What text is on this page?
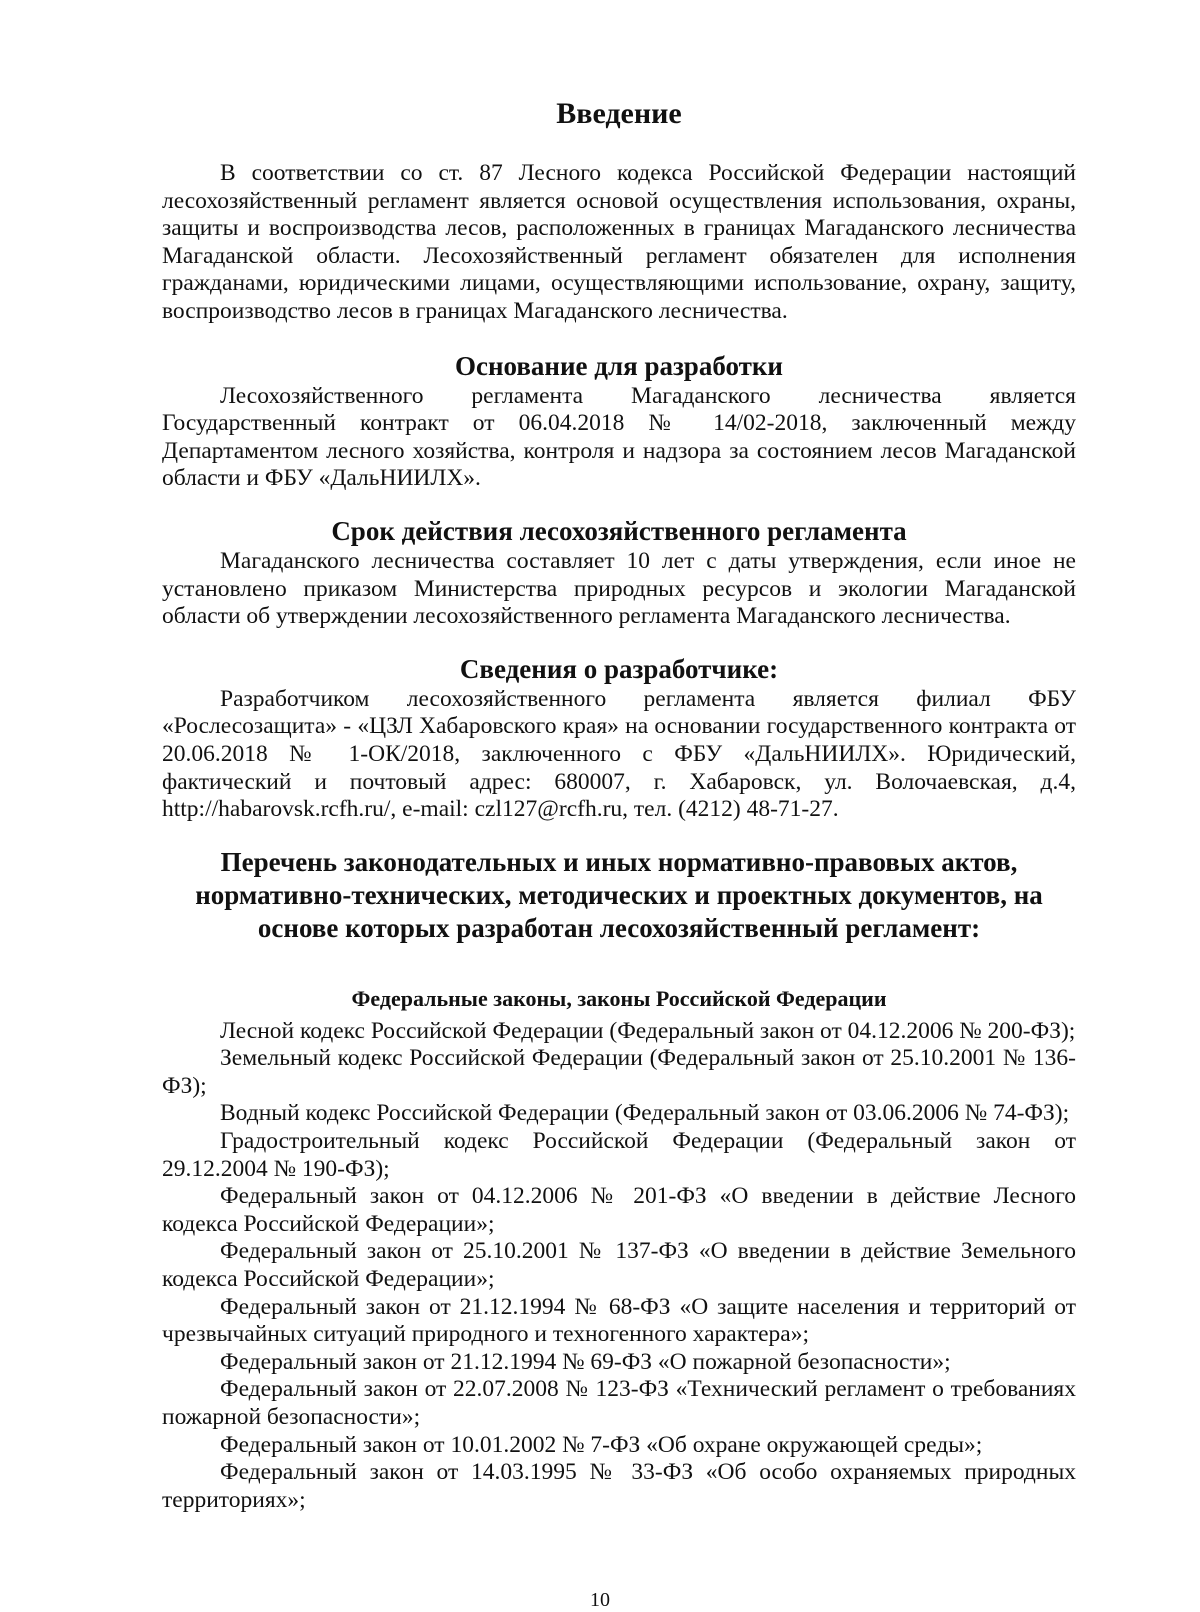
Введение

В соответствии со ст. 87 Лесного кодекса Российской Федерации настоящий лесохозяйственный регламент является основой осуществления использования, охраны, защиты и воспроизводства лесов, расположенных в границах Магаданского лесничества Магаданской области. Лесохозяйственный регламент обязателен для исполнения гражданами, юридическими лицами, осуществляющими использование, охрану, защиту, воспроизводство лесов в границах Магаданского лесничества.

Основание для разработки

Лесохозяйственного регламента Магаданского лесничества является Государственный контракт от 06.04.2018 № 14/02-2018, заключенный между Департаментом лесного хозяйства, контроля и надзора за состоянием лесов Магаданской области и ФБУ «ДальНИИЛХ».

Срок действия лесохозяйственного регламента

Магаданского лесничества составляет 10 лет с даты утверждения, если иное не установлено приказом Министерства природных ресурсов и экологии Магаданской области об утверждении лесохозяйственного регламента Магаданского лесничества.

Сведения о разработчике:

Разработчиком лесохозяйственного регламента является филиал ФБУ «Рослесозащита» - «ЦЗЛ Хабаровского края» на основании государственного контракта от 20.06.2018 № 1-ОК/2018, заключенного с ФБУ «ДальНИИЛХ». Юридический, фактический и почтовый адрес: 680007, г. Хабаровск, ул. Волочаевская, д.4, http://habarovsk.rcfh.ru/, e-mail: czl127@rcfh.ru, тел. (4212) 48-71-27.

Перечень законодательных и иных нормативно-правовых актов, нормативно-технических, методических и проектных документов, на основе которых разработан лесохозяйственный регламент:
Федеральные законы, законы Российской Федерации

Лесной кодекс Российской Федерации (Федеральный закон от 04.12.2006 № 200-ФЗ);

Земельный кодекс Российской Федерации (Федеральный закон от 25.10.2001 № 136-ФЗ);

Водный кодекс Российской Федерации (Федеральный закон от 03.06.2006 № 74-ФЗ);

Градостроительный кодекс Российской Федерации (Федеральный закон от 29.12.2004 № 190-ФЗ);

Федеральный закон от 04.12.2006 № 201-ФЗ «О введении в действие Лесного кодекса Российской Федерации»;

Федеральный закон от 25.10.2001 № 137-ФЗ «О введении в действие Земельного кодекса Российской Федерации»;

Федеральный закон от 21.12.1994 № 68-ФЗ «О защите населения и территорий от чрезвычайных ситуаций природного и техногенного характера»;

Федеральный закон от 21.12.1994 № 69-ФЗ «О пожарной безопасности»;

Федеральный закон от 22.07.2008 № 123-ФЗ «Технический регламент о требованиях пожарной безопасности»;

Федеральный закон от 10.01.2002 № 7-ФЗ «Об охране окружающей среды»;

Федеральный закон от 14.03.1995 № 33-ФЗ «Об особо охраняемых природных территориях»;

10
